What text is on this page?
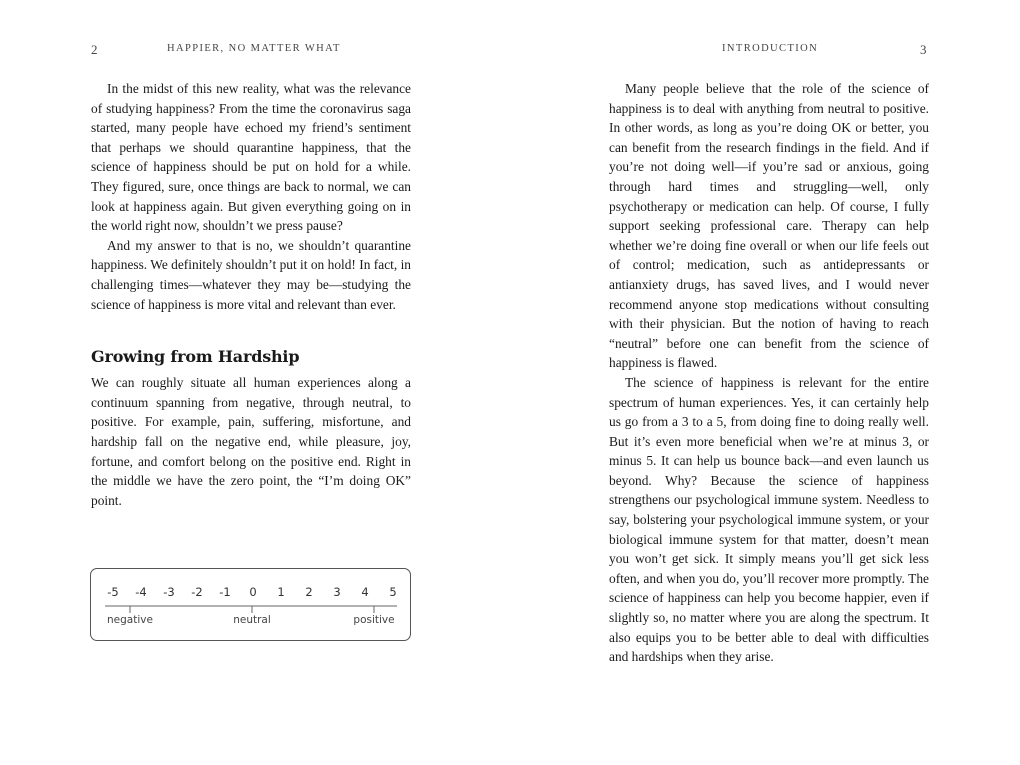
2	HAPPIER, NO MATTER WHAT

In the midst of this new reality, what was the relevance of studying happiness? From the time the coronavirus saga started, many people have echoed my friend’s sentiment that perhaps we should quarantine happiness, that the science of happiness should be put on hold for a while. They figured, sure, once things are back to normal, we can look at happiness again. But given everything going on in the world right now, shouldn’t we press pause?

And my answer to that is no, we shouldn’t quarantine happiness. We definitely shouldn’t put it on hold! In fact, in challenging times—whatever they may be—studying the science of happiness is more vital and relevant than ever.

Growing from Hardship

We can roughly situate all human experiences along a continuum spanning from negative, through neutral, to positive. For example, pain, suffering, misfortune, and hardship fall on the negative end, while pleasure, joy, fortune, and comfort belong on the positive end. Right in the middle we have the zero point, the “I’m doing OK” point.

-5 -4 -3 -2 -1 0 1 2 3 4 5
negative	neutral	positive
INTRODUCTION	3

Many people believe that the role of the science of happiness is to deal with anything from neutral to positive. In other words, as long as you’re doing OK or better, you can benefit from the research findings in the field. And if you’re not doing well—if you’re sad or anxious, going through hard times and struggling—well, only psychotherapy or medication can help. Of course, I fully support seeking professional care. Therapy can help whether we’re doing fine overall or when our life feels out of control; medication, such as antidepressants or antianxiety drugs, has saved lives, and I would never recommend anyone stop medications without consulting with their physician. But the notion of having to reach “neutral” before one can benefit from the science of happiness is flawed.

The science of happiness is relevant for the entire spectrum of human experiences. Yes, it can certainly help us go from a 3 to a 5, from doing fine to doing really well. But it’s even more beneficial when we’re at minus 3, or minus 5. It can help us bounce back—and even launch us beyond. Why? Because the science of happiness strengthens our psychological immune system. Needless to say, bolstering your psychological immune system, or your biological immune system for that matter, doesn’t mean you won’t get sick. It simply means you’ll get sick less often, and when you do, you’ll recover more promptly. The science of happiness can help you become happier, even if slightly so, no matter where you are along the spectrum. It also equips you to be better able to deal with difficulties and hardships when they arise.
